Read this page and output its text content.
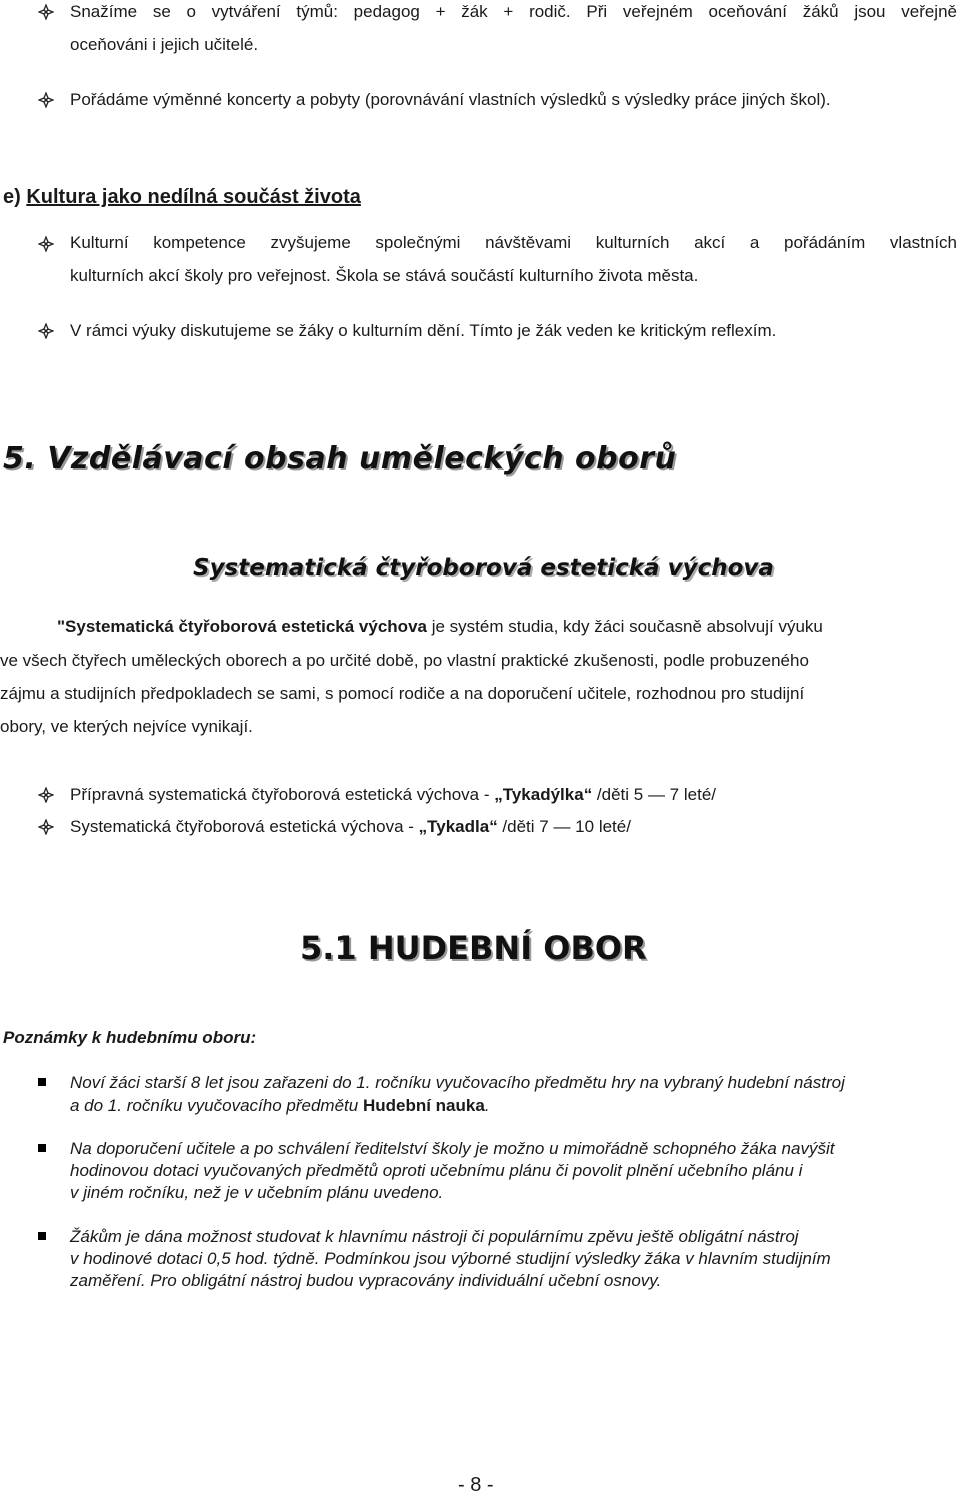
Snažíme se o vytváření týmů: pedagog + žák + rodič. Při veřejném oceňování žáků jsou veřejně
oceňováni i jejich učitelé.
Pořádáme výměnné koncerty a pobyty (porovnávání vlastních výsledků s výsledky práce jiných škol).
e) Kultura jako nedílná součást života
Kulturní kompetence zvyšujeme společnými návštěvami kulturních akcí a pořádáním vlastních
kulturních akcí školy pro veřejnost. Škola se stává součástí kulturního života města.
V rámci výuky diskutujeme se žáky o kulturním dění. Tímto je žák veden ke kritickým reflexím.
5. Vzdělávací obsah uměleckých oborů
Systematická čtyřoborová estetická výchova
"Systematická čtyřoborová estetická výchova je systém studia, kdy žáci současně absolvují výuku
ve všech čtyřech uměleckých oborech a po určité době, po vlastní praktické zkušenosti, podle probuzeného
zájmu a studijních předpokladech se sami, s pomocí rodiče a na doporučení učitele, rozhodnou pro studijní
obory, ve kterých nejvíce vynikají.
Přípravná systematická čtyřoborová estetická výchova - „Tykadýlka“ /děti 5 — 7 leté/
Systematická čtyřoborová estetická výchova - „Tykadla“ /děti 7 — 10 leté/
5.1 HUDEBNÍ OBOR
Poznámky k hudebnímu oboru:
Noví žáci starší 8 let jsou zařazeni do 1. ročníku vyučovacího předmětu hry na vybraný hudební nástroj
a do 1. ročníku vyučovacího předmětu Hudební nauka.
Na doporučení učitele a po schválení ředitelství školy je možno u mimořádně schopného žáka navýšit
hodinovou dotaci vyučovaných předmětů oproti učebnímu plánu či povolit plnění učebního plánu i
v jiném ročníku, než je v učebním plánu uvedeno.
Žákům je dána možnost studovat k hlavnímu nástroji či populárnímu zpěvu ještě obligátní nástroj
v hodinové dotaci 0,5 hod. týdně. Podmínkou jsou výborné studijní výsledky žáka v hlavním studijním
zaměření. Pro obligátní nástroj budou vypracovány individuální učební osnovy.
- 8 -
